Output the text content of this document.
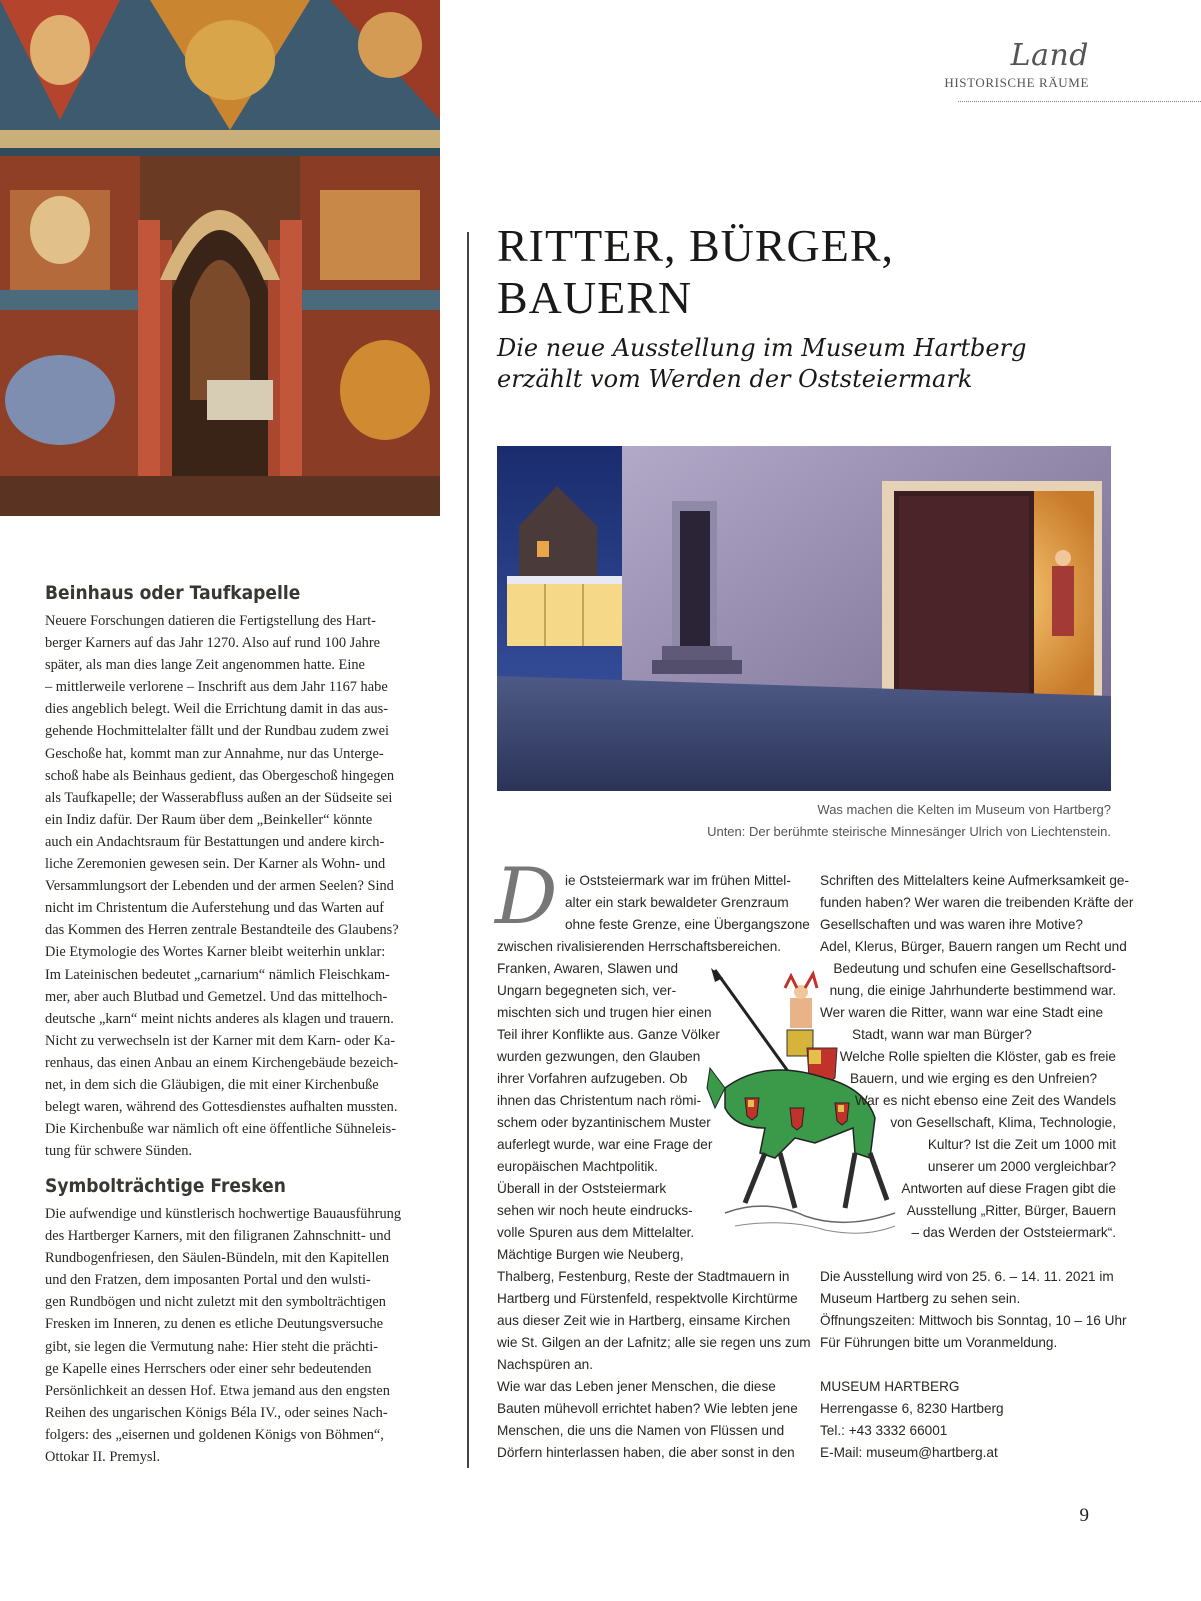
Land
HISTORISCHE RÄUME
RITTER, BÜRGER,
BAUERN
Die neue Ausstellung im Museum Hartberg
erzählt vom Werden der Oststeiermark
Was machen die Kelten im Museum von Hartberg?
Unten: Der berühmte steirische Minnesänger Ulrich von Liechtenstein.
Beinhaus oder Taufkapelle
Neuere Forschungen datieren die Fertigstellung des Hart-
berger Karners auf das Jahr 1270. Also auf rund 100 Jahre
später, als man dies lange Zeit angenommen hatte. Eine
– mittlerweile verlorene – Inschrift aus dem Jahr 1167 habe
dies angeblich belegt. Weil die Errichtung damit in das aus-
gehende Hochmittelalter fällt und der Rundbau zudem zwei
Geschoße hat, kommt man zur Annahme, nur das Unterge-
schoß habe als Beinhaus gedient, das Obergeschoß hingegen
als Taufkapelle; der Wasserabfluss außen an der Südseite sei
ein Indiz dafür. Der Raum über dem „Beinkeller“ könnte
auch ein Andachtsraum für Bestattungen und andere kirch-
liche Zeremonien gewesen sein. Der Karner als Wohn- und
Versammlungsort der Lebenden und der armen Seelen? Sind
nicht im Christentum die Auferstehung und das Warten auf
das Kommen des Herren zentrale Bestandteile des Glaubens?
Die Etymologie des Wortes Karner bleibt weiterhin unklar:
Im Lateinischen bedeutet „carnarium“ nämlich Fleischkam-
mer, aber auch Blutbad und Gemetzel. Und das mittelhoch-
deutsche „karn“ meint nichts anderes als klagen und trauern.
Nicht zu verwechseln ist der Karner mit dem Karn- oder Ka-
renhaus, das einen Anbau an einem Kirchengebäude bezeich-
net, in dem sich die Gläubigen, die mit einer Kirchenbuße
belegt waren, während des Gottesdienstes aufhalten mussten.
Die Kirchenbuße war nämlich oft eine öffentliche Sühneleis-
tung für schwere Sünden.
Symbolträchtige Fresken
Die aufwendige und künstlerisch hochwertige Bauausführung
des Hartberger Karners, mit den filigranen Zahnschnitt- und
Rundbogenfriesen, den Säulen-Bündeln, mit den Kapitellen
und den Fratzen, dem imposanten Portal und den wulsti-
gen Rundbögen und nicht zuletzt mit den symbolträchtigen
Fresken im Inneren, zu denen es etliche Deutungsversuche
gibt, sie legen die Vermutung nahe: Hier steht die prächti-
ge Kapelle eines Herrschers oder einer sehr bedeutenden
Persönlichkeit an dessen Hof. Etwa jemand aus den engsten
Reihen des ungarischen Königs Béla IV., oder seines Nach-
folgers: des „eisernen und goldenen Königs von Böhmen“,
Ottokar II. Premysl.
D ie Oststeiermark war im frühen Mittel-
alter ein stark bewaldeter Grenzraum
ohne feste Grenze, eine Übergangszone
zwischen rivalisierenden Herrschaftsbereichen.
Franken, Awaren, Slawen und
Ungarn begegneten sich, ver-
mischten sich und trugen hier einen
Teil ihrer Konflikte aus. Ganze Völker
wurden gezwungen, den Glauben
ihrer Vorfahren aufzugeben. Ob
ihnen das Christentum nach römi-
schem oder byzantinischem Muster
auferlegt wurde, war eine Frage der
europäischen Machtpolitik.
Überall in der Oststeiermark
sehen wir noch heute eindrucks-
volle Spuren aus dem Mittelalter.
Mächtige Burgen wie Neuberg,
Thalberg, Festenburg, Reste der Stadtmauern in
Hartberg und Fürstenfeld, respektvolle Kirchtürme
aus dieser Zeit wie in Hartberg, einsame Kirchen
wie St. Gilgen an der Lafnitz; alle sie regen uns zum
Nachspüren an.
Wie war das Leben jener Menschen, die diese
Bauten mühevoll errichtet haben? Wie lebten jene
Menschen, die uns die Namen von Flüssen und
Dörfern hinterlassen haben, die aber sonst in den
Schriften des Mittelalters keine Aufmerksamkeit ge-
funden haben? Wer waren die treibenden Kräfte der
Gesellschaften und was waren ihre Motive?
Adel, Klerus, Bürger, Bauern rangen um Recht und
Bedeutung und schufen eine Gesellschaftsord-
nung, die einige Jahrhunderte bestimmend war.
Wer waren die Ritter, wann war eine Stadt eine
Stadt, wann war man Bürger?
Welche Rolle spielten die Klöster, gab es freie
Bauern, und wie erging es den Unfreien?
War es nicht ebenso eine Zeit des Wandels
von Gesellschaft, Klima, Technologie,
Kultur? Ist die Zeit um 1000 mit
unserer um 2000 vergleichbar?
Antworten auf diese Fragen gibt die
Ausstellung „Ritter, Bürger, Bauern
– das Werden der Oststeiermark“.
Die Ausstellung wird von 25. 6. – 14. 11. 2021 im
Museum Hartberg zu sehen sein.
Öffnungszeiten: Mittwoch bis Sonntag, 10 – 16 Uhr
Für Führungen bitte um Voranmeldung.
MUSEUM HARTBERG
Herrengasse 6, 8230 Hartberg
Tel.: +43 3332 66001
E-Mail: museum@hartberg.at
9
